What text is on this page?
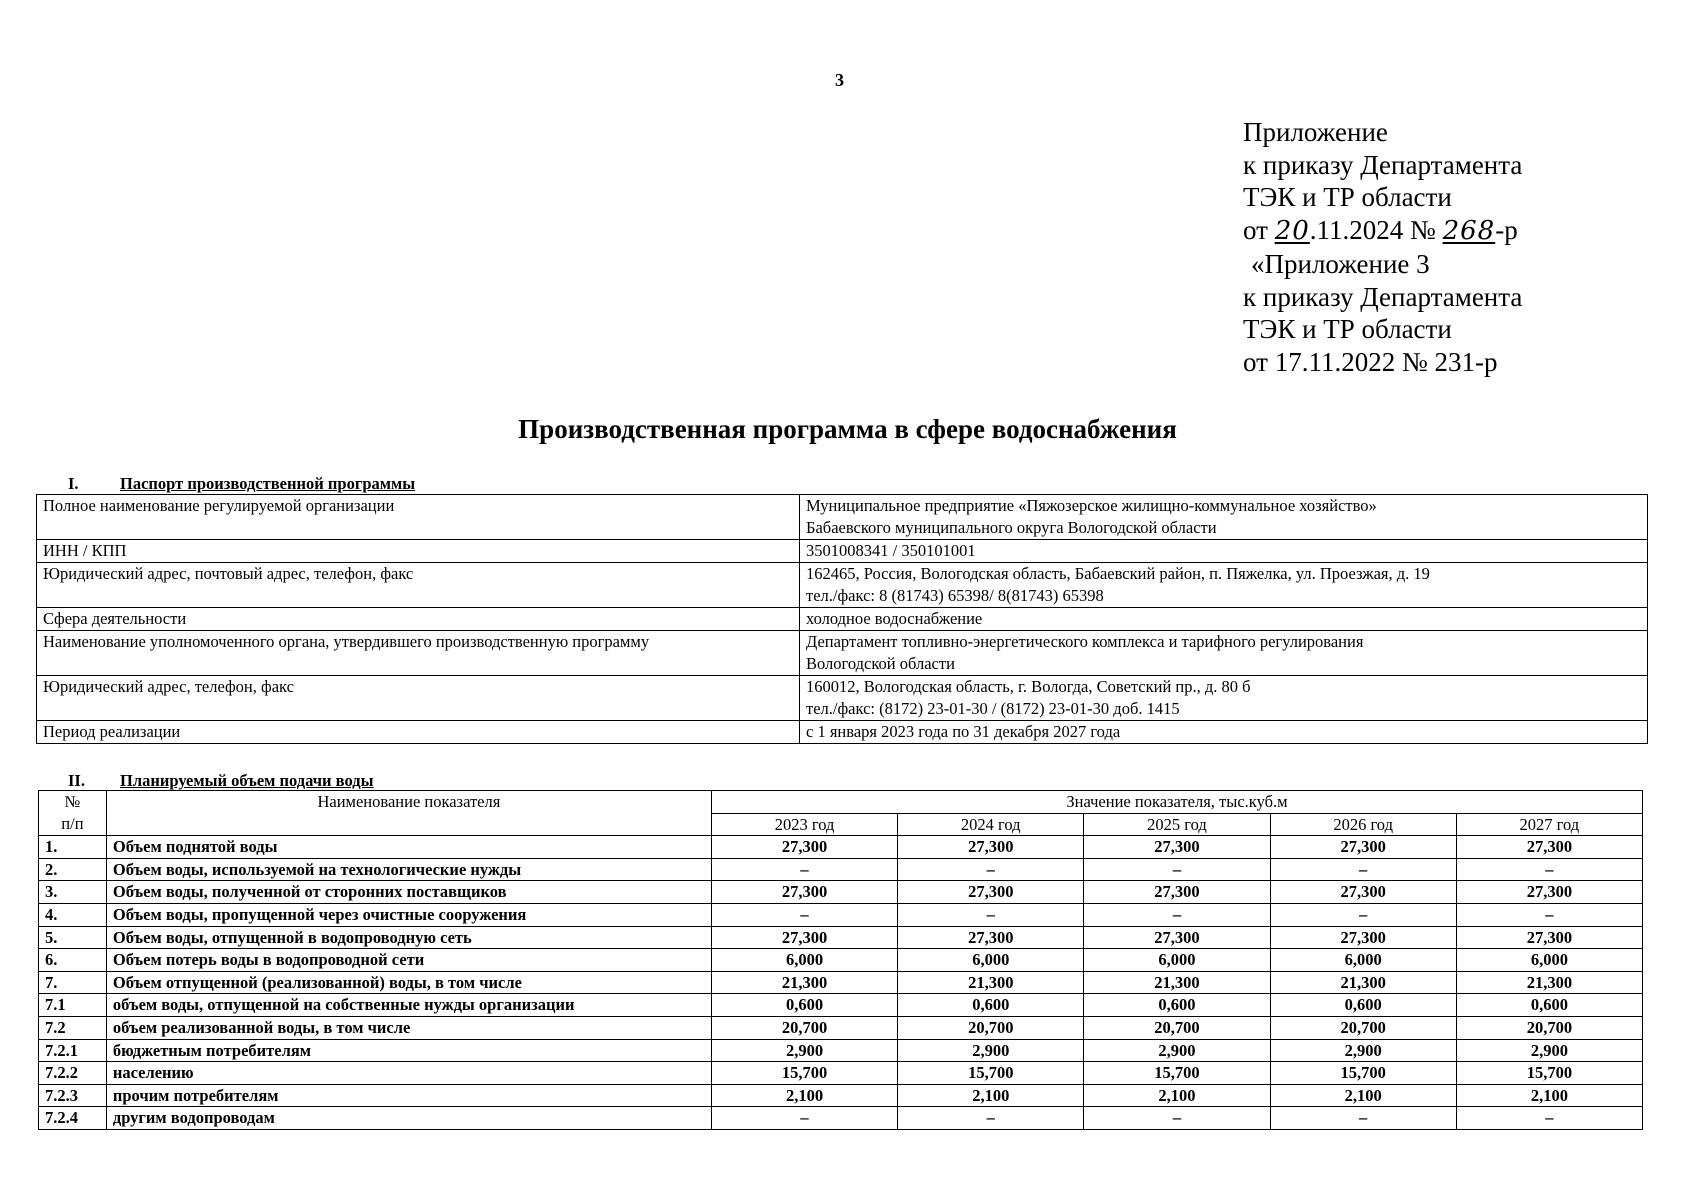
3
Приложение
к приказу Департамента
ТЭК и ТР области
от 20.11.2024 № 268-р
«Приложение 3
к приказу Департамента
ТЭК и ТР области
от 17.11.2022 № 231-р
Производственная программа в сфере водоснабжения
I.	Паспорт производственной программы
Полное наименование регулируемой организации	Муниципальное предприятие «Пяжозерское жилищно-коммунальное хозяйство»
Бабаевского муниципального округа Вологодской области

ИНН / КПП	3501008341 / 350101001

Юридический адрес, почтовый адрес, телефон, факс	162465, Россия, Вологодская область, Бабаевский район, п. Пяжелка, ул. Проезжая, д. 19
тел./факс: 8 (81743) 65398/ 8(81743) 65398

Сфера деятельности	холодное водоснабжение

Наименование уполномоченного органа, утвердившего производственную программу	Департамент топливно-энергетического комплекса и тарифного регулирования
Вологодской области

Юридический адрес, телефон, факс	160012, Вологодская область, г. Вологда, Советский пр., д. 80 б
тел./факс: (8172) 23-01-30 / (8172) 23-01-30 доб. 1415

Период реализации	с 1 января 2023 года по 31 декабря 2027 года
II. Планируемый объем подачи воды
№
п/п	Наименование показателя	Значение показателя, тыс.куб.м				
		2023 год	2024 год	2025 год	2026 год	2027 год
1.	Объем поднятой воды	27,300	27,300	27,300	27,300	27,300
2.	Объем воды, используемой на технологические нужды	–	–	–	–	–
3.	Объем воды, полученной от сторонних поставщиков	27,300	27,300	27,300	27,300	27,300
4.	Объем воды, пропущенной через очистные сооружения	–	–	–	–	–
5.	Объем воды, отпущенной в водопроводную сеть	27,300	27,300	27,300	27,300	27,300
6.	Объем потерь воды в водопроводной сети	6,000	6,000	6,000	6,000	6,000
7.	Объем отпущенной (реализованной) воды, в том числе	21,300	21,300	21,300	21,300	21,300
7.1	объем воды, отпущенной на собственные нужды организации	0,600	0,600	0,600	0,600	0,600
7.2	объем реализованной воды, в том числе	20,700	20,700	20,700	20,700	20,700
7.2.1	бюджетным потребителям	2,900	2,900	2,900	2,900	2,900
7.2.2	населению	15,700	15,700	15,700	15,700	15,700
7.2.3	прочим потребителям	2,100	2,100	2,100	2,100	2,100
7.2.4	другим водопроводам	–	–	–	–	–
